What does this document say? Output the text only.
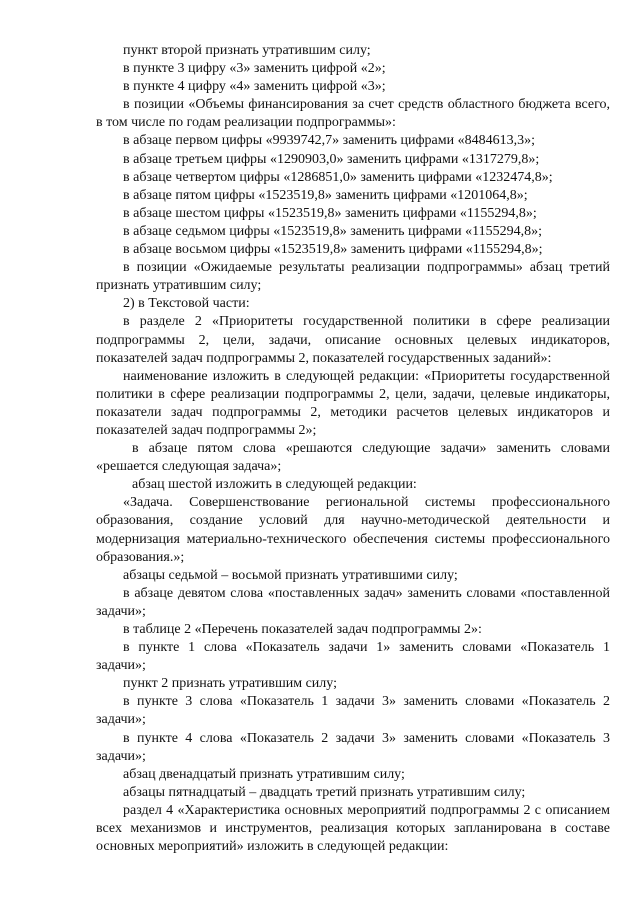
пункт второй признать утратившим силу;

в пункте 3 цифру «3» заменить цифрой «2»;

в пункте 4 цифру «4» заменить цифрой «3»;

в позиции «Объемы финансирования за счет средств областного бюджета всего, в том числе по годам реализации подпрограммы»:

в абзаце первом цифры «9939742,7» заменить цифрами «8484613,3»;

в абзаце третьем цифры «1290903,0» заменить цифрами «1317279,8»;

в абзаце четвертом цифры «1286851,0» заменить цифрами «1232474,8»;

в абзаце пятом цифры «1523519,8» заменить цифрами «1201064,8»;

в абзаце шестом цифры «1523519,8» заменить цифрами «1155294,8»;

в абзаце седьмом цифры «1523519,8» заменить цифрами «1155294,8»;

в абзаце восьмом цифры «1523519,8» заменить цифрами «1155294,8»;

в позиции «Ожидаемые результаты реализации подпрограммы» абзац третий признать утратившим силу;

2) в Текстовой части:

в разделе 2 «Приоритеты государственной политики в сфере реализации подпрограммы 2, цели, задачи, описание основных целевых индикаторов, показателей задач подпрограммы 2, показателей государственных заданий»:

наименование изложить в следующей редакции: «Приоритеты государственной политики в сфере реализации подпрограммы 2, цели, задачи, целевые индикаторы, показатели задач подпрограммы 2, методики расчетов целевых индикаторов и показателей задач подпрограммы 2»;

в абзаце пятом слова «решаются следующие задачи» заменить словами «решается следующая задача»;

абзац шестой изложить в следующей редакции:

«Задача. Совершенствование региональной системы профессионального образования, создание условий для научно-методической деятельности и модернизация материально-технического обеспечения системы профессионального образования.»;

абзацы седьмой – восьмой признать утратившими силу;

в абзаце девятом слова «поставленных задач» заменить словами «поставленной задачи»;

в таблице 2 «Перечень показателей задач подпрограммы 2»:

в пункте 1 слова «Показатель задачи 1» заменить словами «Показатель 1 задачи»;

пункт 2 признать утратившим силу;

в пункте 3 слова «Показатель 1 задачи 3» заменить словами «Показатель 2 задачи»;

в пункте 4 слова «Показатель 2 задачи 3» заменить словами «Показатель 3 задачи»;

абзац двенадцатый признать утратившим силу;

абзацы пятнадцатый – двадцать третий признать утратившим силу;

раздел 4 «Характеристика основных мероприятий подпрограммы 2 с описанием всех механизмов и инструментов, реализация которых запланирована в составе основных мероприятий» изложить в следующей редакции:
